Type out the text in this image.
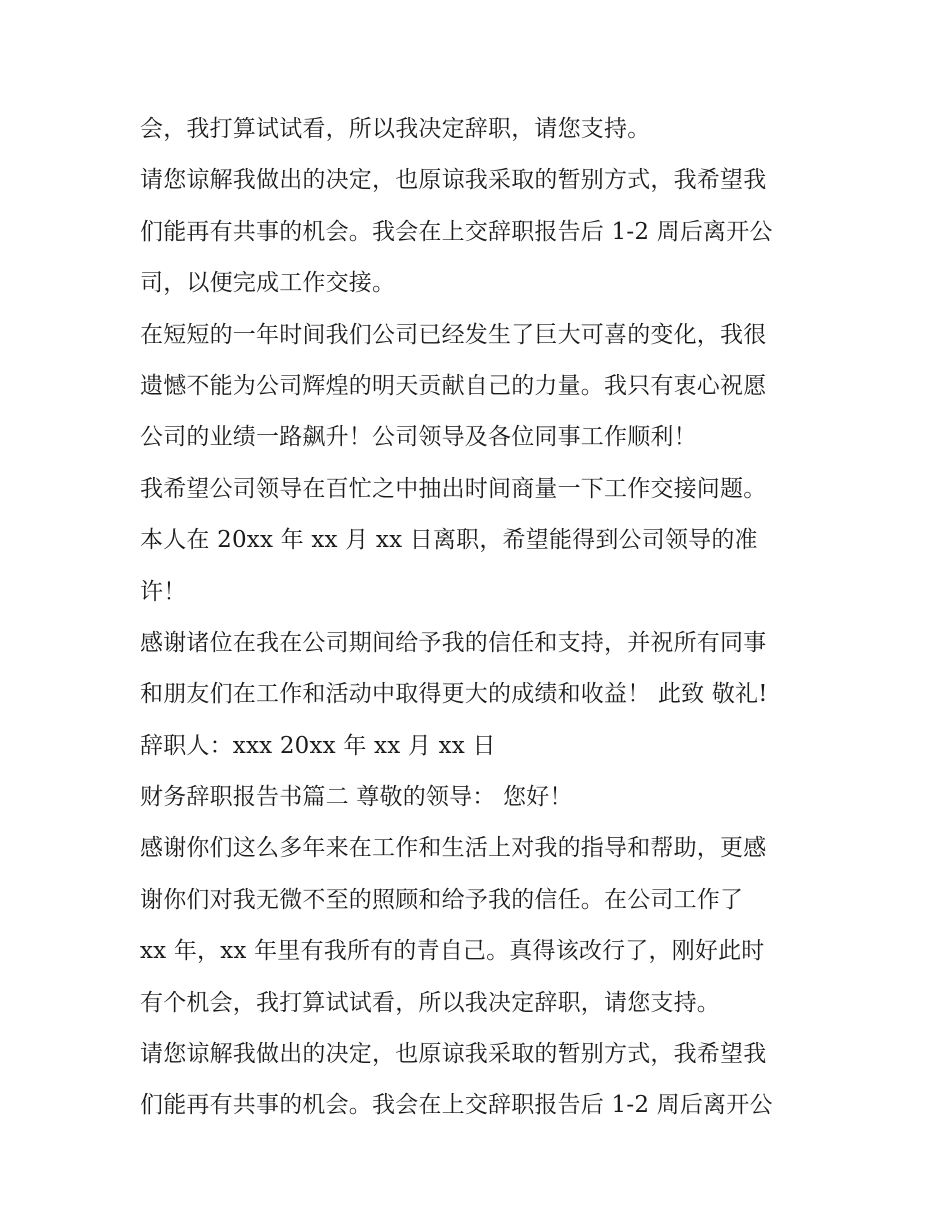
会，我打算试试看，所以我决定辞职，请您支持。
请您谅解我做出的决定，也原谅我采取的暂别方式，我希望我
们能再有共事的机会。我会在上交辞职报告后 1-2 周后离开公
司，以便完成工作交接。
在短短的一年时间我们公司已经发生了巨大可喜的变化，我很
遗憾不能为公司辉煌的明天贡献自己的力量。我只有衷心祝愿
公司的业绩一路飙升！公司领导及各位同事工作顺利！
我希望公司领导在百忙之中抽出时间商量一下工作交接问题。
本人在 20xx 年 xx 月 xx 日离职，希望能得到公司领导的准
许！
感谢诸位在我在公司期间给予我的信任和支持，并祝所有同事
和朋友们在工作和活动中取得更大的成绩和收益！ 此致 敬礼!
辞职人：xxx 20xx 年 xx 月 xx 日
财务辞职报告书篇二 尊敬的领导： 您好！
感谢你们这么多年来在工作和生活上对我的指导和帮助，更感
谢你们对我无微不至的照顾和给予我的信任。在公司工作了
xx 年，xx 年里有我所有的青自己。真得该改行了，刚好此时
有个机会，我打算试试看，所以我决定辞职，请您支持。
请您谅解我做出的决定，也原谅我采取的暂别方式，我希望我
们能再有共事的机会。我会在上交辞职报告后 1-2 周后离开公
